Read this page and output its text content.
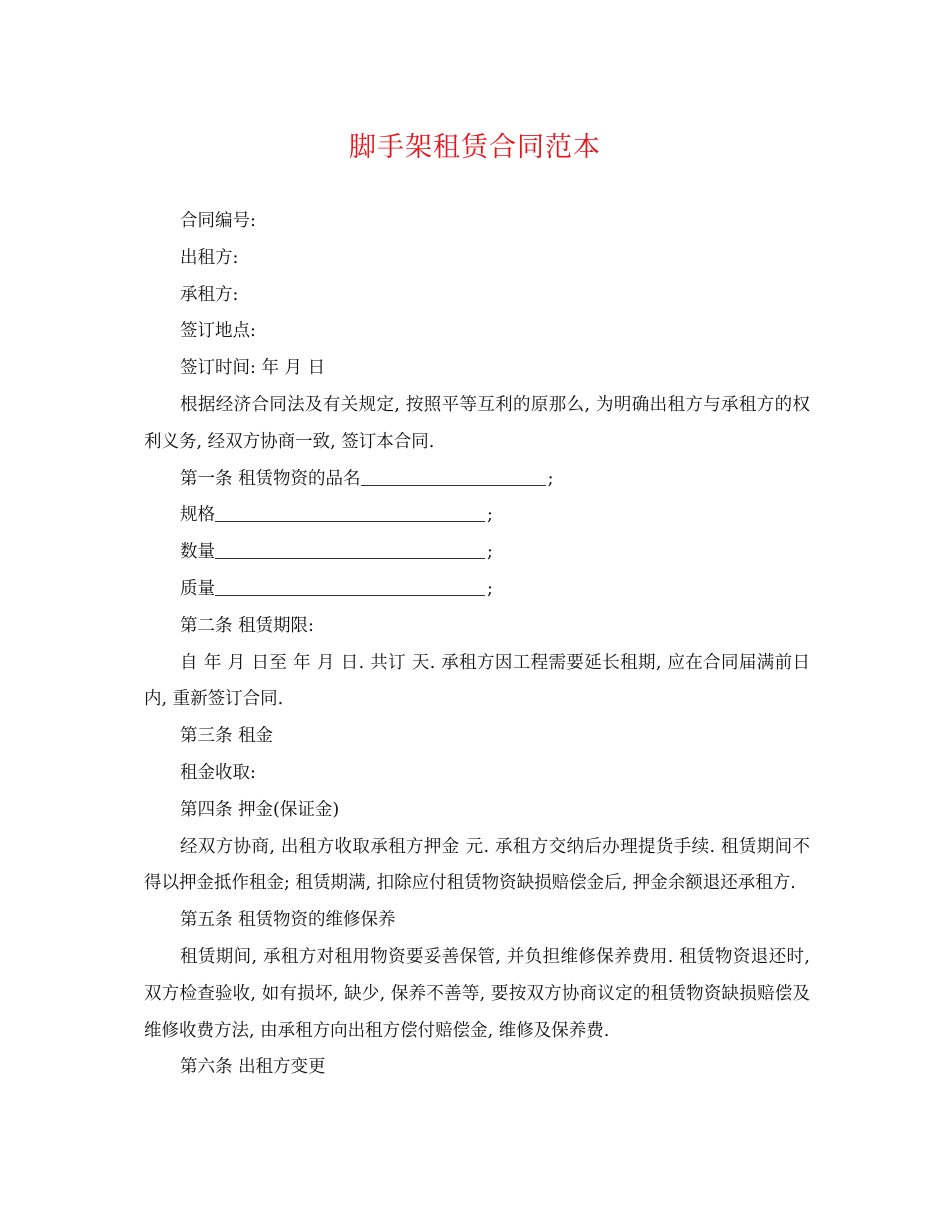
脚手架租赁合同范本

合同编号:

出租方:

承租方:

签订地点:

签订时间: 年 月 日

根据经济合同法及有关规定, 按照平等互利的原那么, 为明确出租方与承租方的权利义务, 经双方协商一致, 签订本合同.

第一条 租赁物资的品名	;

规格	;

数量	;

质量	;

第二条 租赁期限:

自 年 月 日至 年 月 日. 共订 天. 承租方因工程需要延长租期, 应在合同届满前日内, 重新签订合同.

第三条 租金

租金收取:

第四条 押金(保证金)

经双方协商, 出租方收取承租方押金 元. 承租方交纳后办理提货手续. 租赁期间不得以押金抵作租金; 租赁期满, 扣除应付租赁物资缺损赔偿金后, 押金余额退还承租方.

第五条 租赁物资的维修保养

租赁期间, 承租方对租用物资要妥善保管, 并负担维修保养费用. 租赁物资退还时, 双方检查验收, 如有损坏, 缺少, 保养不善等, 要按双方协商议定的租赁物资缺损赔偿及维修收费方法, 由承租方向出租方偿付赔偿金, 维修及保养费.

第六条 出租方变更
